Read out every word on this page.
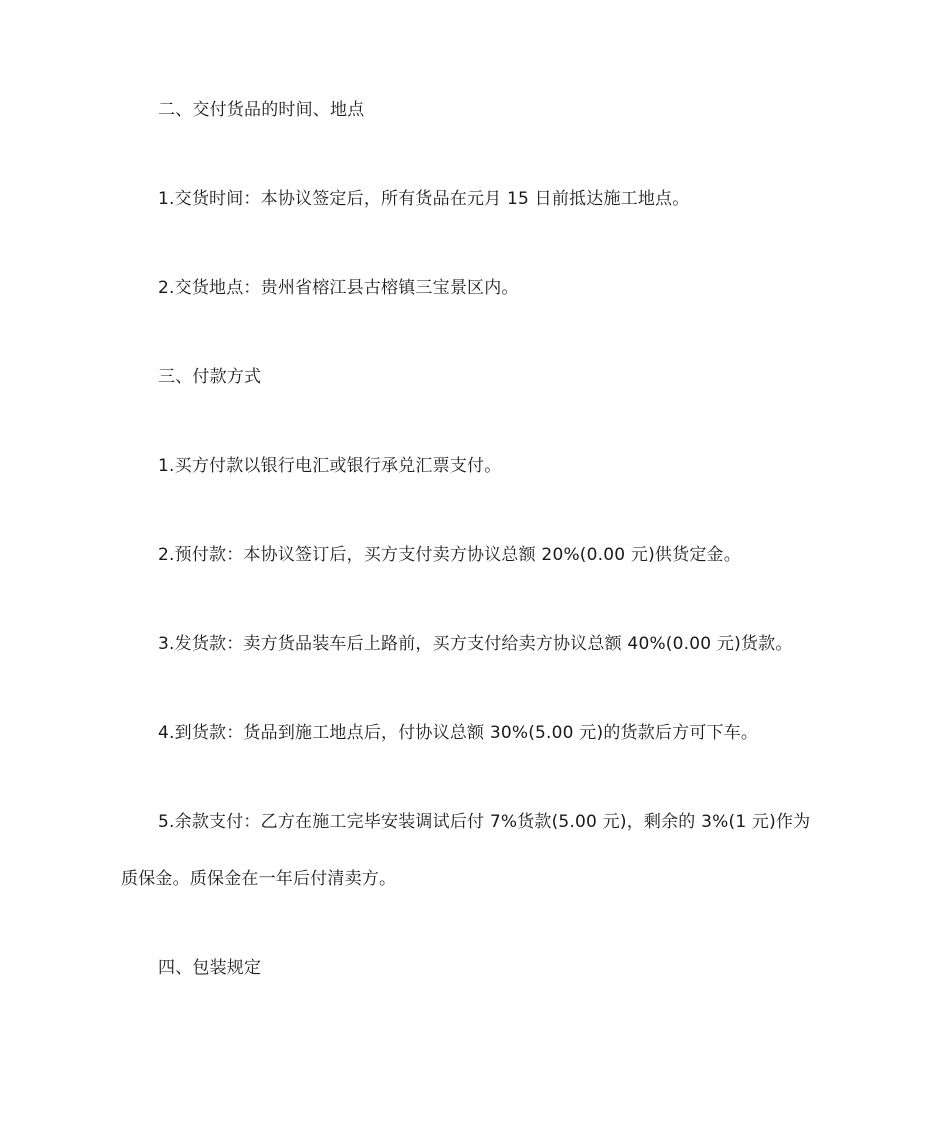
二、交付货品的时间、地点
1.交货时间：本协议签定后，所有货品在元月 15 日前抵达施工地点。
2.交货地点：贵州省榕江县古榕镇三宝景区内。
三、付款方式
1.买方付款以银行电汇或银行承兑汇票支付。
2.预付款：本协议签订后，买方支付卖方协议总额 20%(0.00 元)供货定金。
3.发货款：卖方货品装车后上路前，买方支付给卖方协议总额 40%(0.00 元)货款。
4.到货款：货品到施工地点后，付协议总额 30%(5.00 元)的货款后方可下车。
5.余款支付：乙方在施工完毕安装调试后付 7%货款(5.00 元)，剩余的 3%(1 元)作为
质保金。质保金在一年后付清卖方。
四、包装规定
